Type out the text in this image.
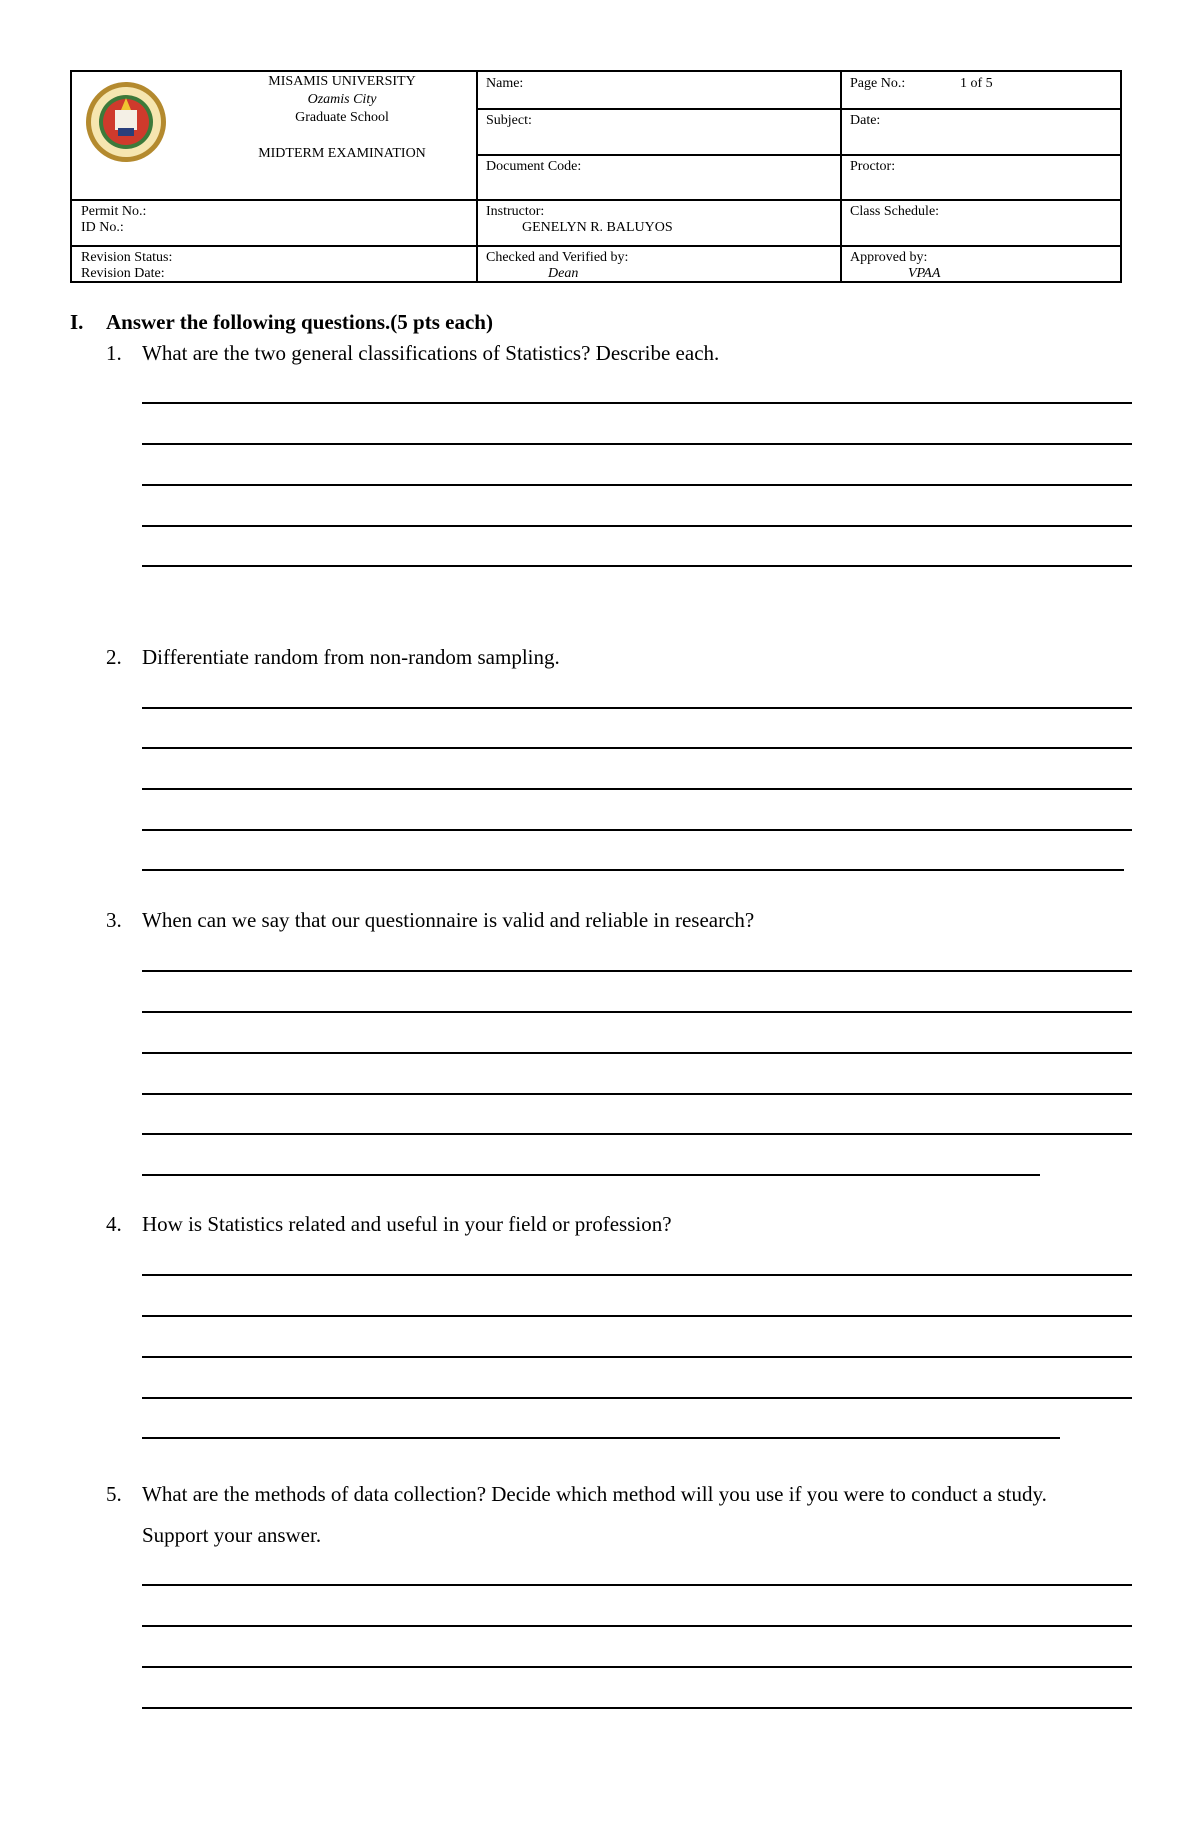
MISAMIS UNIVERSITY
Ozamis City
Graduate School
MIDTERM EXAMINATION
Name:
Subject:
Document Code:
Page No.:	1 of 5
Date:
Proctor:
Permit No.:
ID No.:
Instructor:
GENELYN R. BALUYOS
Class Schedule:
Revision Status:
Revision Date:
Checked and Verified by:
Dean
Approved by:
VPAA
I. Answer the following questions.(5 pts each)
1. What are the two general classifications of Statistics? Describe each.
2. Differentiate random from non-random sampling.
3. When can we say that our questionnaire is valid and reliable in research?
4. How is Statistics related and useful in your field or profession?
5. What are the methods of data collection? Decide which method will you use if you were to conduct a study. Support your answer.
